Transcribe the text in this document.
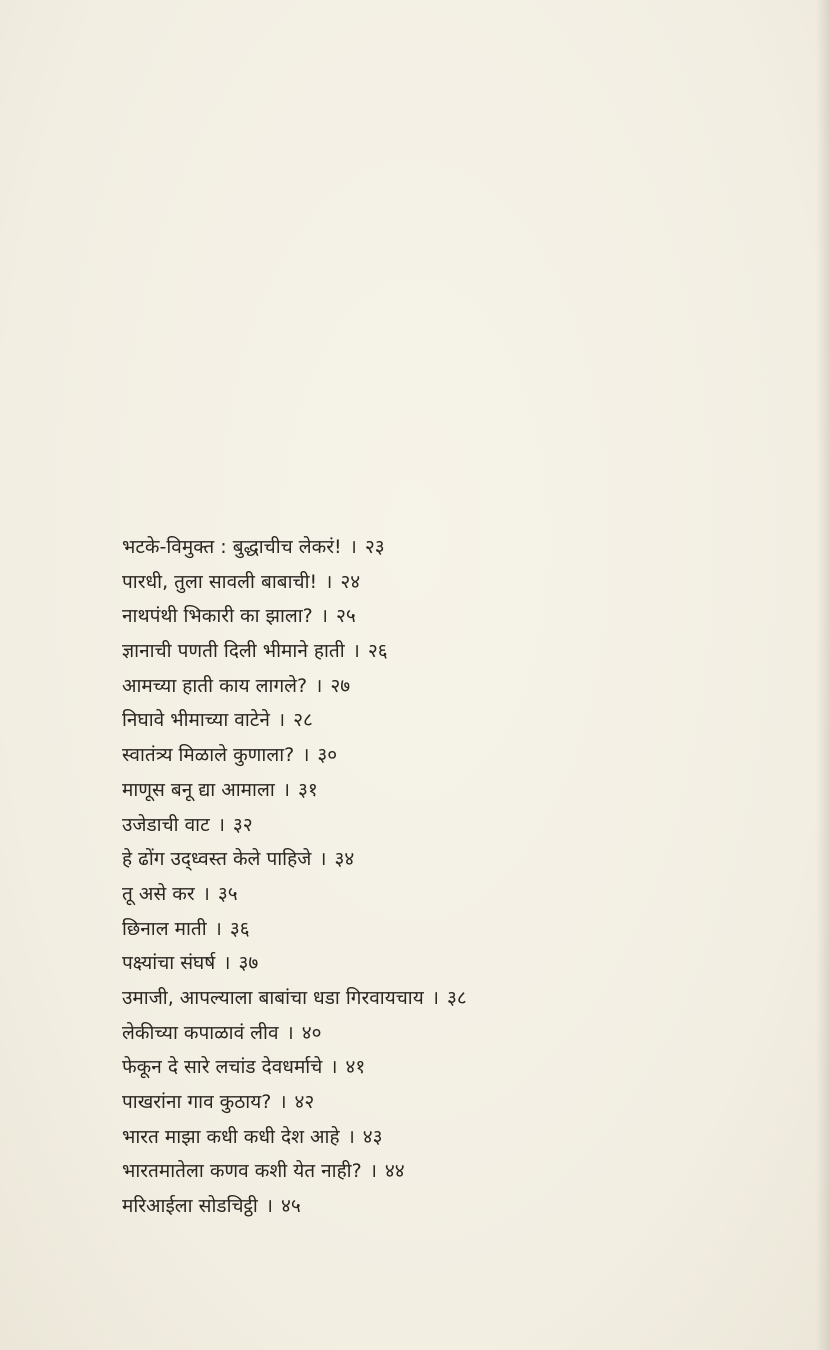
भटके-विमुक्त : बुद्धाचीच लेकरं! । २३
पारधी, तुला सावली बाबाची! । २४
नाथपंथी भिकारी का झाला? । २५
ज्ञानाची पणती दिली भीमाने हाती । २६
आमच्या हाती काय लागले? । २७
निघावे भीमाच्या वाटेने । २८
स्वातंत्र्य मिळाले कुणाला? । ३०
माणूस बनू द्या आमाला । ३१
उजेडाची वाट । ३२
हे ढोंग उद्ध्वस्त केले पाहिजे । ३४
तू असे कर । ३५
छिनाल माती । ३६
पक्ष्यांचा संघर्ष । ३७
उमाजी, आपल्याला बाबांचा धडा गिरवायचाय । ३८
लेकीच्या कपाळावं लीव । ४०
फेकून दे सारे लचांड देवधर्माचे । ४१
पाखरांना गाव कुठाय? । ४२
भारत माझा कधी कधी देश आहे । ४३
भारतमातेला कणव कशी येत नाही? । ४४
मरिआईला सोडचिट्ठी । ४५
